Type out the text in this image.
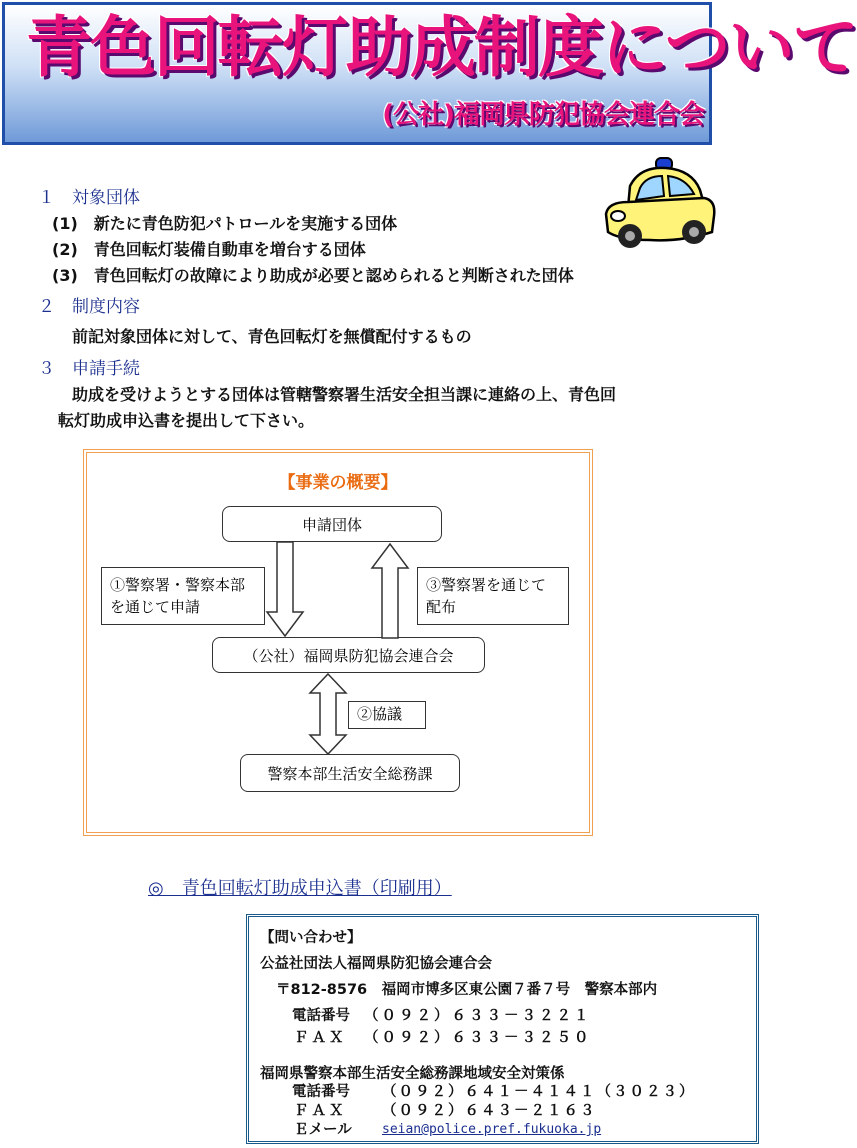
青色回転灯助成制度について
(公社)福岡県防犯協会連合会
１　対象団体
(1)　新たに青色防犯パトロールを実施する団体
(2)　青色回転灯装備自動車を増台する団体
(3)　青色回転灯の故障により助成が必要と認められると判断された団体
２　制度内容
前記対象団体に対して、青色回転灯を無償配付するもの
３　申請手続
助成を受けようとする団体は管轄警察署生活安全担当課に連絡の上、青色回
転灯助成申込書を提出して下さい。
【事業の概要】
申請団体
（公社）福岡県防犯協会連合会
警察本部生活安全総務課
①警察署・警察本部
を通じて申請
③警察署を通じて
配布
②協議
◎　青色回転灯助成申込書（印刷用）
【問い合わせ】
公益社団法人福岡県防犯協会連合会
〒812-8576　福岡市博多区東公園７番７号　警察本部内
電話番号 （０９２）６３３－３２２１
ＦＡＸ （０９２）６３３－３２５０
福岡県警察本部生活安全総務課地域安全対策係
電話番号 （０９２）６４１－４１４１（３０２３）
ＦＡＸ （０９２）６４３－２１６３
Ｅメール seian@police.pref.fukuoka.jp
